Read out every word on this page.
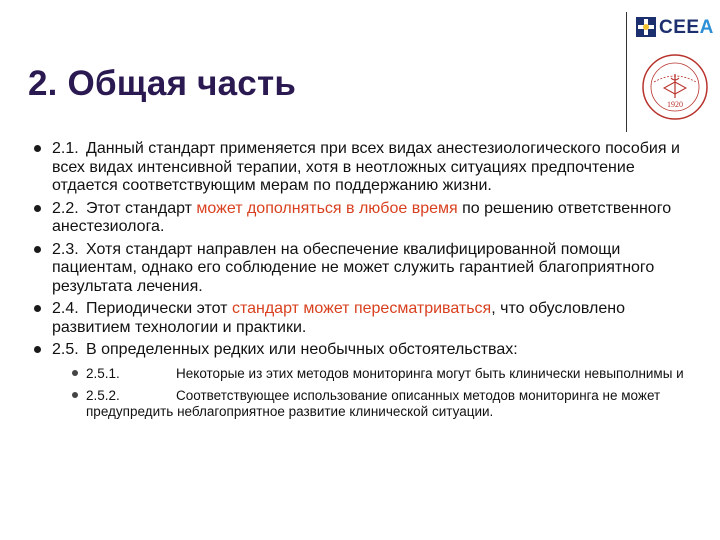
2. Общая часть
CEEA
1920
2.1. Данный стандарт применяется при всех видах анестезиологического пособия и всех видах интенсивной терапии, хотя в неотложных ситуациях предпочтение отдается соответствующим мерам по поддержанию жизни.
2.2. Этот стандарт может дополняться в любое время по решению ответственного анестезиолога.
2.3. Хотя стандарт направлен на обеспечение квалифицированной помощи пациентам, однако его соблюдение не может служить гарантией благоприятного результата лечения.
2.4. Периодически этот стандарт может пересматриваться, что обусловлено развитием технологии и практики.
2.5. В определенных редких или необычных обстоятельствах:
2.5.1.	Некоторые из этих методов мониторинга могут быть клинически невыполнимы и
2.5.2.	Соответствующее использование описанных методов мониторинга не может предупредить неблагоприятное развитие клинической ситуации.
